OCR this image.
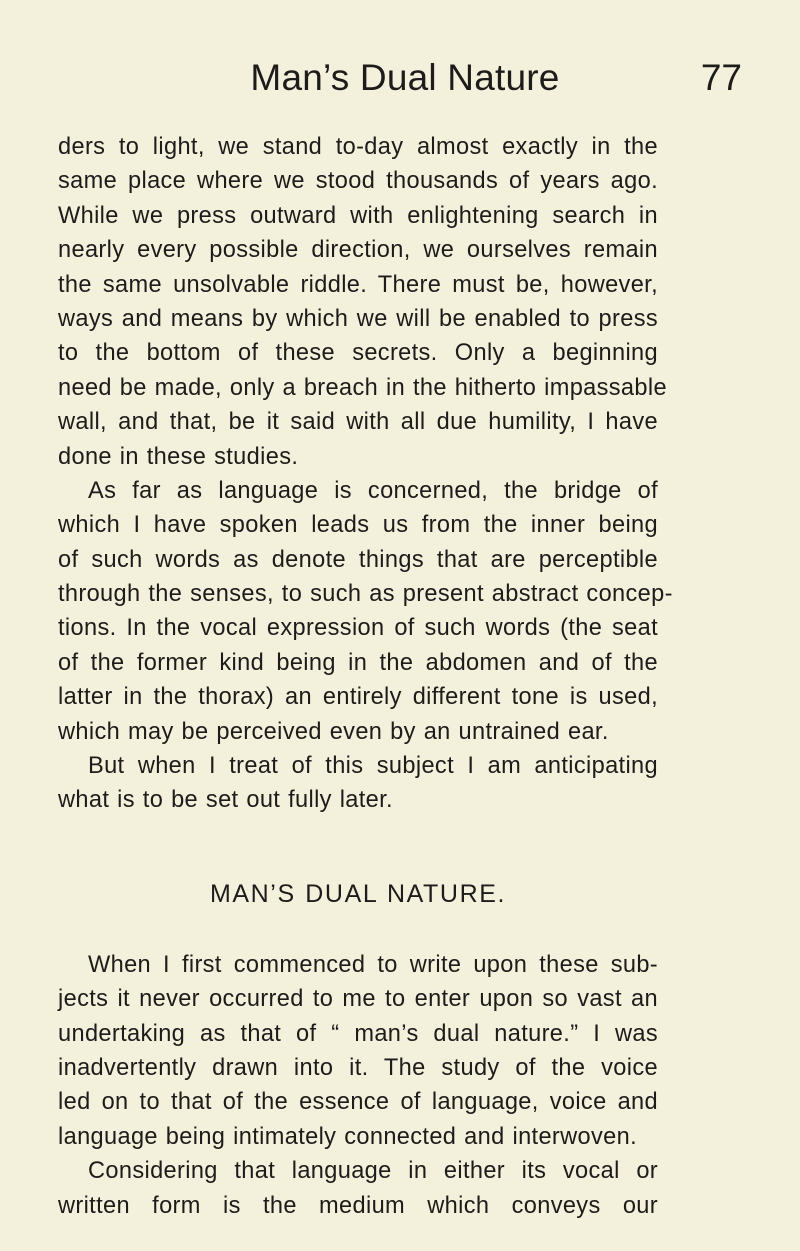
Man’s Dual Nature	77
ders to light, we stand to-day almost exactly in the
same place where we stood thousands of years ago.
While we press outward with enlightening search in
nearly every possible direction, we ourselves remain
the same unsolvable riddle. There must be, however,
ways and means by which we will be enabled to press
to the bottom of these secrets. Only a beginning
need be made, only a breach in the hitherto impassable
wall, and that, be it said with all due humility, I have
done in these studies.
As far as language is concerned, the bridge of
which I have spoken leads us from the inner being
of such words as denote things that are perceptible
through the senses, to such as present abstract concep-
tions. In the vocal expression of such words (the seat
of the former kind being in the abdomen and of the
latter in the thorax) an entirely different tone is used,
which may be perceived even by an untrained ear.
But when I treat of this subject I am anticipating
what is to be set out fully later.
MAN’S DUAL NATURE.
When I first commenced to write upon these sub-
jects it never occurred to me to enter upon so vast an
undertaking as that of “ man’s dual nature.” I was
inadvertently drawn into it. The study of the voice
led on to that of the essence of language, voice and
language being intimately connected and interwoven.
Considering that language in either its vocal or
written form is the medium which conveys our
